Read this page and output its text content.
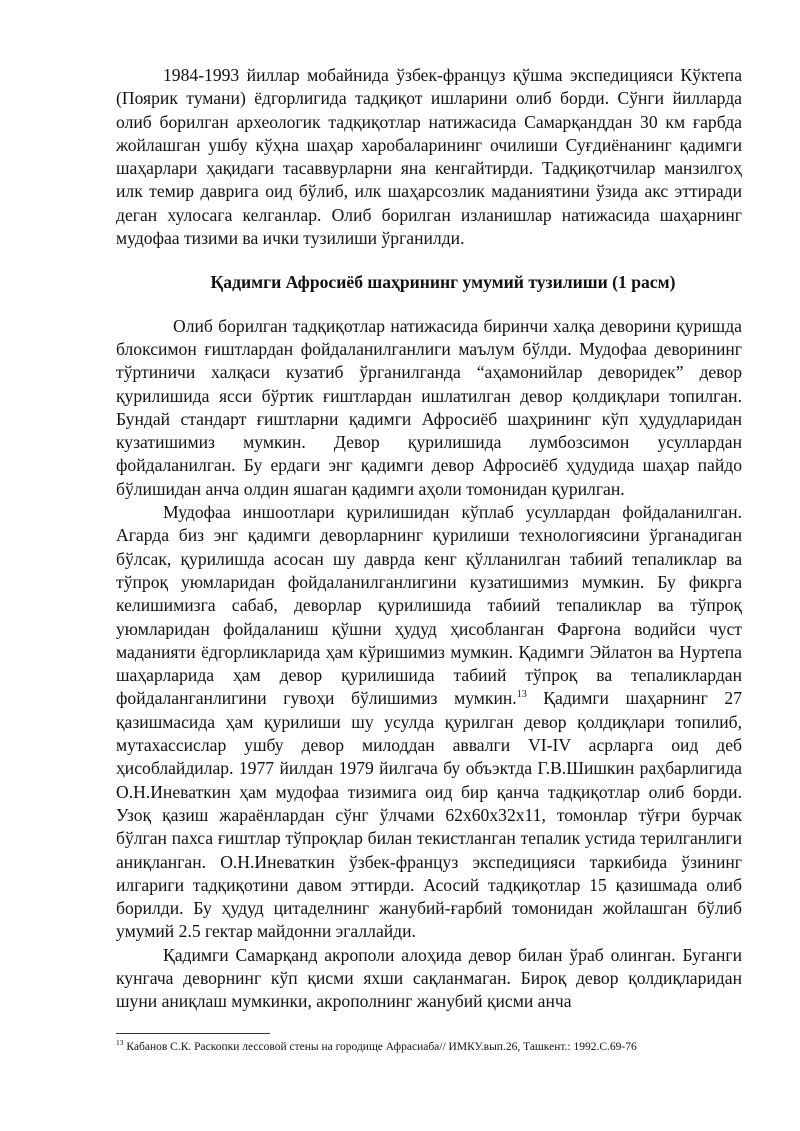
1984-1993 йиллар мобайнида ўзбек-француз қўшма экспедицияси Кўктепа (Поярик тумани) ёдгорлигида тадқиқот ишларини олиб борди. Сўнги йилларда олиб борилган археологик тадқиқотлар натижасида Самарқанддан 30 км ғарбда жойлашган ушбу кўҳна шаҳар харобаларининг очилиши Суғдиёнанинг қадимги шаҳарлари ҳақидаги тасаввурларни яна кенгайтирди. Тадқиқотчилар манзилгоҳ илк темир даврига оид бўлиб, илк шаҳарсозлик маданиятини ўзида акс эттиради деган хулосага келганлар. Олиб борилган изланишлар натижасида шаҳарнинг мудофаа тизими ва ички тузилиши ўрганилди.

Қадимги Афросиёб шаҳрининг умумий тузилиши (1 расм)

Олиб борилган тадқиқотлар натижасида биринчи халқа деворини қуришда блоксимон ғиштлардан фойдаланилганлиги маълум бўлди. Мудофаа деворининг тўртиничи халқаси кузатиб ўрганилганда “аҳамонийлар деворидек” девор қурилишида ясси бўртик ғиштлардан ишлатилган девор қолдиқлари топилган. Бундай стандарт ғиштларни қадимги Афросиёб шаҳрининг кўп ҳудудларидан кузатишимиз мумкин. Девор қурилишида лумбозсимон усуллардан фойдаланилган. Бу ердаги энг қадимги девор Афросиёб ҳудудида шаҳар пайдо бўлишидан анча олдин яшаган қадимги аҳоли томонидан қурилган.

Мудофаа иншоотлари қурилишидан кўплаб усуллардан фойдаланилган. Агарда биз энг қадимги деворларнинг қурилиши технологиясини ўрганадиган бўлсак, қурилишда асосан шу даврда кенг қўлланилган табиий тепаликлар ва тўпроқ уюмларидан фойдаланилганлигини кузатишимиз мумкин. Бу фикрга келишимизга сабаб, деворлар қурилишида табиий тепаликлар ва тўпроқ уюмларидан фойдаланиш қўшни ҳудуд ҳисобланган Фарғона водийси чуст маданияти ёдгорликларида ҳам кўришимиз мумкин. Қадимги Эйлатон ва Нуртепа шаҳарларида ҳам девор қурилишида табиий тўпроқ ва тепаликлардан фойдаланганлигини гувоҳи бўлишимиз мумкин.$^{13}$ Қадимги шаҳарнинг 27 қазишмасида ҳам қурилиши шу усулда қурилган девор қолдиқлари топилиб, мутахассислар ушбу девор милоддан аввалги VI-IV асрларга оид деб ҳисоблайдилар. 1977 йилдан 1979 йилгача бу объэктда Г.В.Шишкин раҳбарлигида О.Н.Иневаткин ҳам мудофаа тизимига оид бир қанча тадқиқотлар олиб борди. Узоқ қазиш жараёнлардан сўнг ўлчами 62х60х32х11, томонлар тўғри бурчак бўлган пахса ғиштлар тўпроқлар билан текистланган тепалик устида терилганлиги аниқланган. О.Н.Иневаткин ўзбек-француз экспедицияси таркибида ўзининг илгариги тадқиқотини давом эттирди. Асосий тадқиқотлар 15 қазишмада олиб борилди. Бу ҳудуд цитаделнинг жанубий-ғарбий томонидан жойлашган бўлиб умумий 2.5 гектар майдонни эгаллайди.

Қадимги Самарқанд акрополи алоҳида девор билан ўраб олинган. Буганги кунгача деворнинг кўп қисми яхши сақланмаган. Бироқ девор қолдиқларидан шуни аниқлаш мумкинки, акрополнинг жанубий қисми анча

$^{13}$ Кабанов С.К. Раскопки лессовой стены на городище Афрасиаба// ИМКУ.вып.26, Ташкент.: 1992.С.69-76
